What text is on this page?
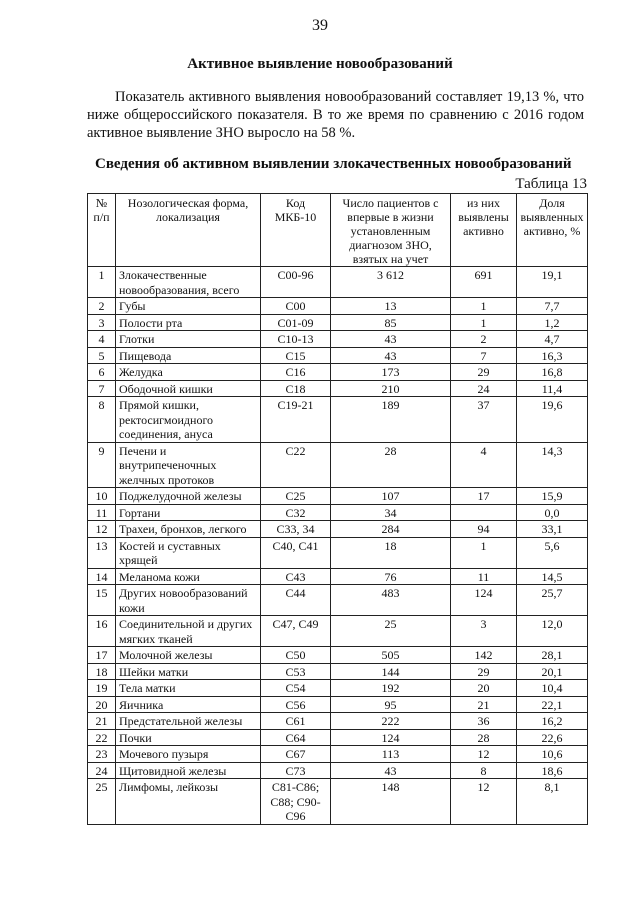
39
Активное выявление новообразований

Показатель активного выявления новообразований составляет 19,13 %, что ниже общероссийского показателя. В то же время по сравнению с 2016 годом активное выявление ЗНО выросло на 58 %.

Сведения об активном выявлении злокачественных новообразований
Таблица 13
№ п/п	Нозологическая форма, локализация	Код МКБ-10	Число пациентов с впервые в жизни установленным диагнозом ЗНО, взятых на учет	из них выявлены активно	Доля выявленных активно, %
1	Злокачественные новообразования, всего	С00-96	3 612	691	19,1
2	Губы	С00	13	1	7,7
3	Полости рта	С01-09	85	1	1,2
4	Глотки	С10-13	43	2	4,7
5	Пищевода	С15	43	7	16,3
6	Желудка	С16	173	29	16,8
7	Ободочной кишки	С18	210	24	11,4
8	Прямой кишки, ректосигмоидного соединения, ануса	С19-21	189	37	19,6
9	Печени и внутрипеченочных желчных протоков	С22	28	4	14,3
10	Поджелудочной железы	С25	107	17	15,9
11	Гортани	С32	34		0,0
12	Трахеи, бронхов, легкого	С33, 34	284	94	33,1
13	Костей и суставных хрящей	С40, С41	18	1	5,6
14	Меланома кожи	С43	76	11	14,5
15	Других новообразований кожи	С44	483	124	25,7
16	Соединительной и других мягких тканей	С47, С49	25	3	12,0
17	Молочной железы	С50	505	142	28,1
18	Шейки матки	С53	144	29	20,1
19	Тела матки	С54	192	20	10,4
20	Яичника	С56	95	21	22,1
21	Предстательной железы	С61	222	36	16,2
22	Почки	С64	124	28	22,6
23	Мочевого пузыря	С67	113	12	10,6
24	Щитовидной железы	С73	43	8	18,6
25	Лимфомы, лейкозы	С81-С86; С88; С90-С96	148	12	8,1
